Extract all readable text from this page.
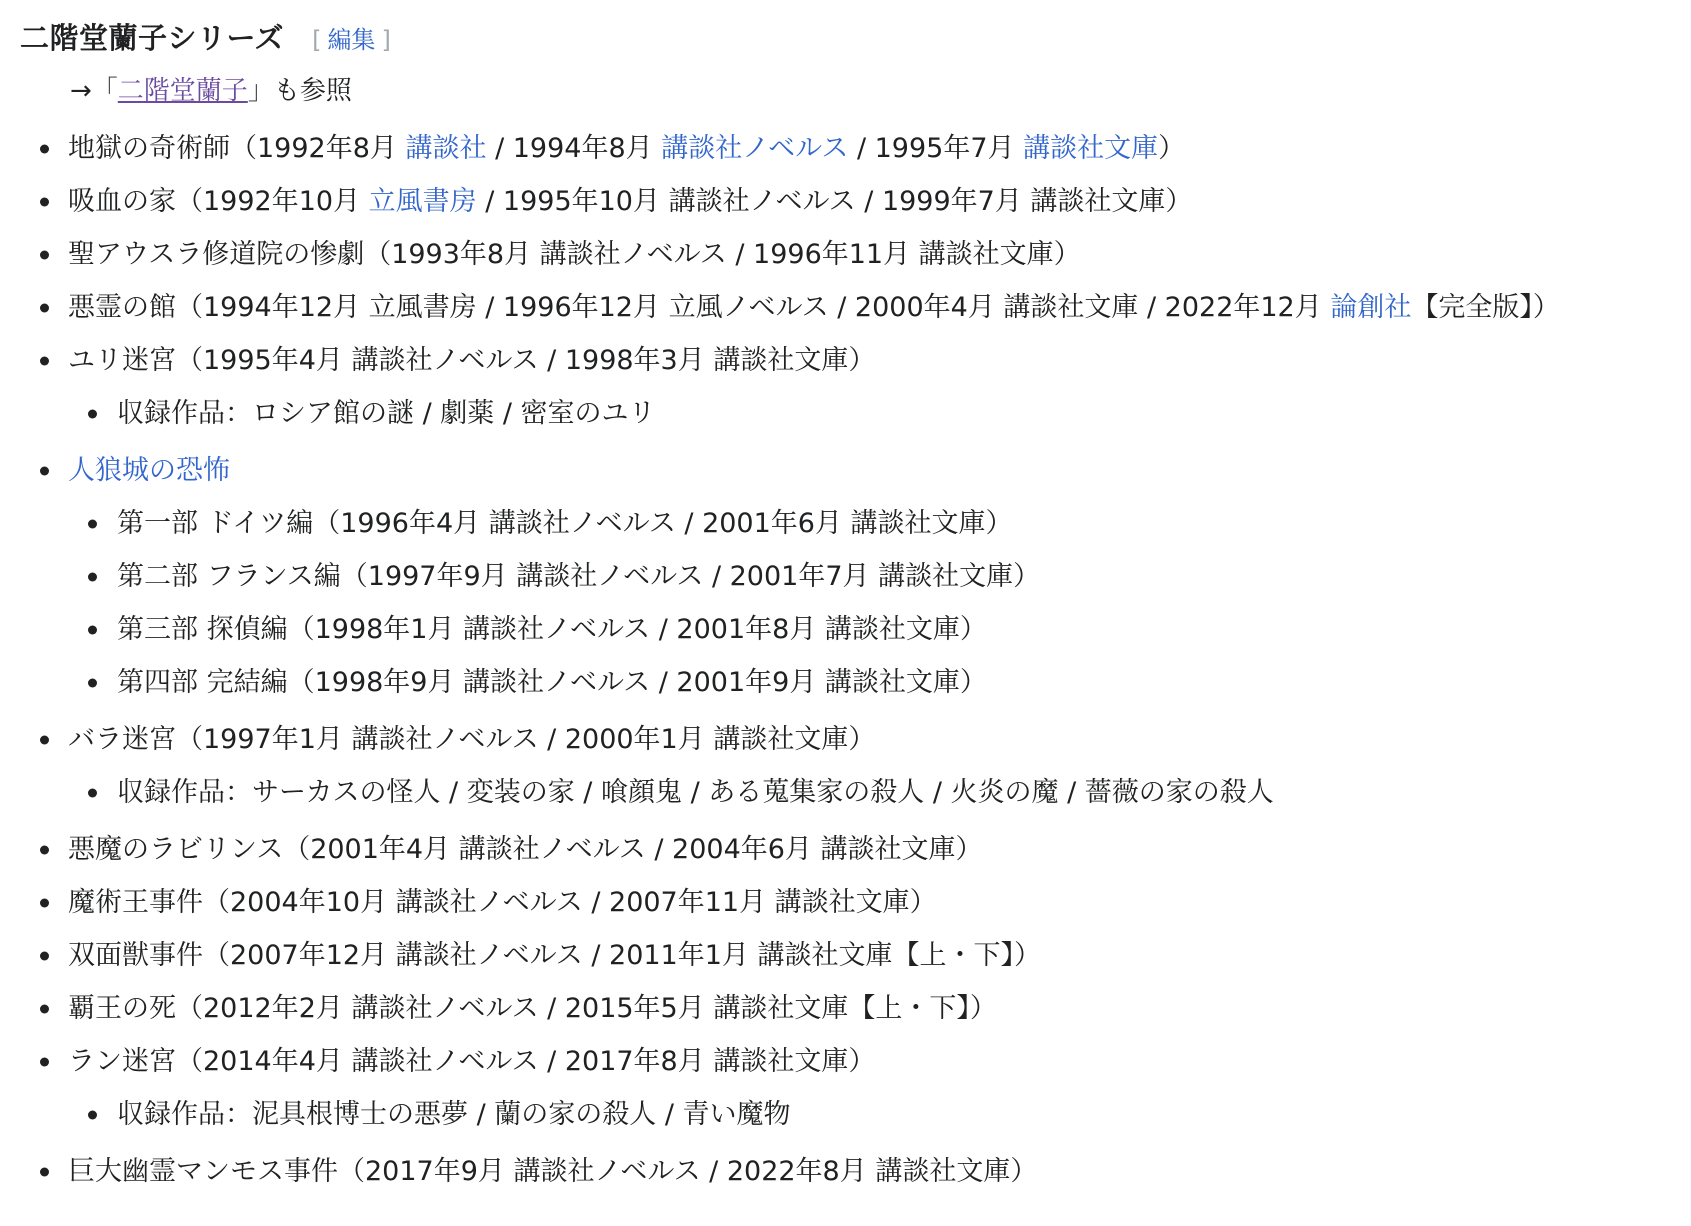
二階堂蘭子シリーズ [ 編集 ]
→「二階堂蘭子」も参照
地獄の奇術師（1992年8月 講談社 / 1994年8月 講談社ノベルス / 1995年7月 講談社文庫）
吸血の家（1992年10月 立風書房 / 1995年10月 講談社ノベルス / 1999年7月 講談社文庫）
聖アウスラ修道院の惨劇（1993年8月 講談社ノベルス / 1996年11月 講談社文庫）
悪霊の館（1994年12月 立風書房 / 1996年12月 立風ノベルス / 2000年4月 講談社文庫 / 2022年12月 論創社【完全版】）
ユリ迷宮（1995年4月 講談社ノベルス / 1998年3月 講談社文庫）
収録作品：ロシア館の謎 / 劇薬 / 密室のユリ
人狼城の恐怖
第一部 ドイツ編（1996年4月 講談社ノベルス / 2001年6月 講談社文庫）
第二部 フランス編（1997年9月 講談社ノベルス / 2001年7月 講談社文庫）
第三部 探偵編（1998年1月 講談社ノベルス / 2001年8月 講談社文庫）
第四部 完結編（1998年9月 講談社ノベルス / 2001年9月 講談社文庫）
バラ迷宮（1997年1月 講談社ノベルス / 2000年1月 講談社文庫）
収録作品：サーカスの怪人 / 変装の家 / 喰顔鬼 / ある蒐集家の殺人 / 火炎の魔 / 薔薇の家の殺人
悪魔のラビリンス（2001年4月 講談社ノベルス / 2004年6月 講談社文庫）
魔術王事件（2004年10月 講談社ノベルス / 2007年11月 講談社文庫）
双面獣事件（2007年12月 講談社ノベルス / 2011年1月 講談社文庫【上・下】）
覇王の死（2012年2月 講談社ノベルス / 2015年5月 講談社文庫【上・下】）
ラン迷宮（2014年4月 講談社ノベルス / 2017年8月 講談社文庫）
収録作品：泥具根博士の悪夢 / 蘭の家の殺人 / 青い魔物
巨大幽霊マンモス事件（2017年9月 講談社ノベルス / 2022年8月 講談社文庫）
